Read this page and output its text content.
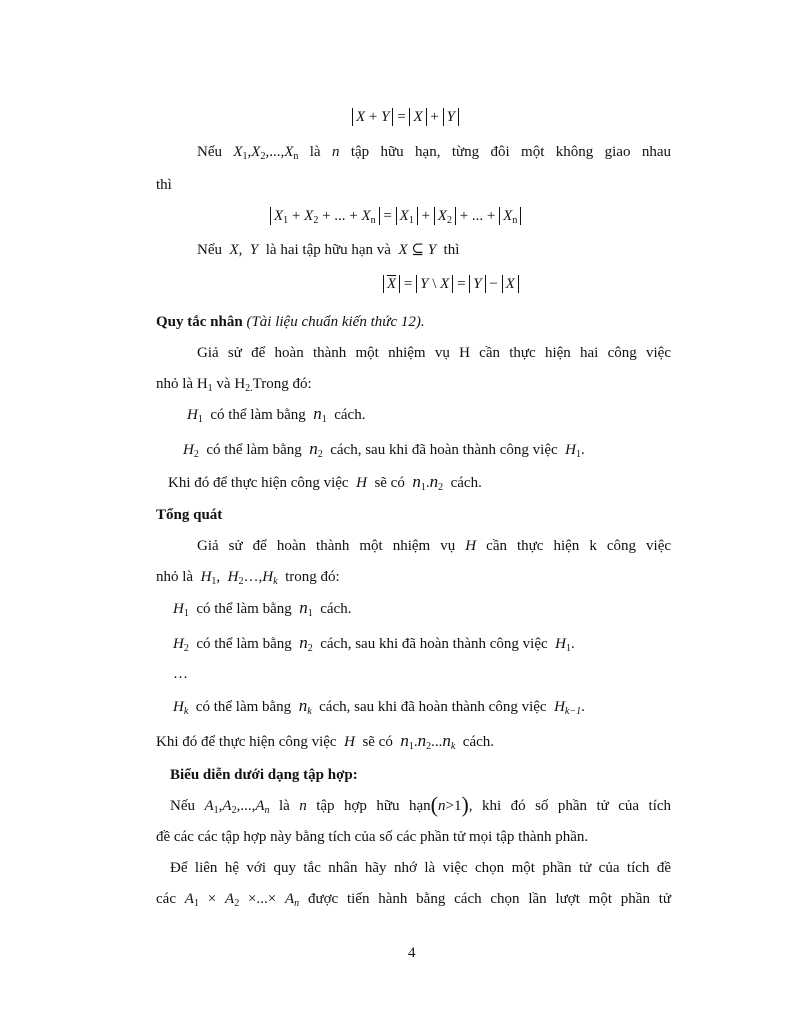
X + Y = X + Y
Nếu $X_1,X_2,...,X_n$ là n tập hữu hạn, từng đôi một không giao nhau
thì
$X_1 + X_2$ + ... + $X_n = X_1 + X_2$ + ... + $X_n$
Nếu X, Y là hai tập hữu hạn và X ⊆ Y thì
$\overline{X} = Y$ \ X = Y − X
Quy tắc nhân (Tài liệu chuẩn kiến thức 12).
Giả sử để hoàn thành một nhiệm vụ H cần thực hiện hai công việc
nhỏ là $H_1$ và $H_{2.}Trong$ đó:
$H_1$ có thể làm bằng $n_1$ cách.
$H_2$ có thể làm bằng $n_2$ cách, sau khi đã hoàn thành công việc $H_1$.
Khi đó để thực hiện công việc H sẽ có $n_1.n_2$ cách.
Tổng quát
Giả sử để hoàn thành một nhiệm vụ H cần thực hiện k công việc
nhỏ là $H_1$,  $H_2\dots,H_k$ trong đó:
$H_1$ có thể làm bằng $n_1$ cách.
$H_2$ có thể làm bằng $n_2$ cách, sau khi đã hoàn thành công việc $H_1$.
…
$H_k$ có thể làm bằng $n_k$ cách, sau khi đã hoàn thành công việc $H_{k-1}$.
Khi đó để thực hiện công việc H sẽ có $n_1.n_2...n_k$ cách.
Biểu diễn dưới dạng tập hợp:
Nếu $A_1,A_2,...,A_n$ là n tập hợp hữu hạn(n>1), khi đó số phần tử của tích
đề các các tập hợp này bằng tích của số các phần tử mọi tập thành phần.
Để liên hệ với quy tắc nhân hãy nhớ là việc chọn một phần tử của tích đề
các $A_1 \times A_2$ ×...× $A_n$ được tiến hành bằng cách chọn lần lượt một phần tử
4
